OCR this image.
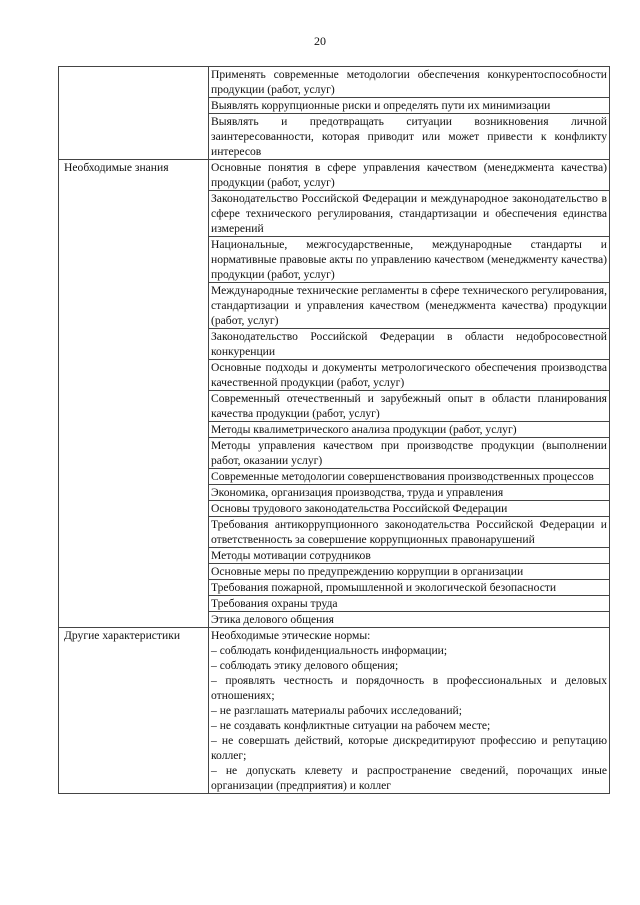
20
	Применять современные методологии обеспечения конкурентоспособности продукции (работ, услуг)
	Выявлять коррупционные риски и определять пути их минимизации
	Выявлять и предотвращать ситуации возникновения личной заинтересованности, которая приводит или может привести к конфликту интересов
Необходимые знания	Основные понятия в сфере управления качеством (менеджмента качества) продукции (работ, услуг)
	Законодательство Российской Федерации и международное законодательство в сфере технического регулирования, стандартизации и обеспечения единства измерений
	Национальные, межгосударственные, международные стандарты и нормативные правовые акты по управлению качеством (менеджменту качества) продукции (работ, услуг)
	Международные технические регламенты в сфере технического регулирования, стандартизации и управления качеством (менеджмента качества) продукции (работ, услуг)
	Законодательство Российской Федерации в области недобросовестной конкуренции
	Основные подходы и документы метрологического обеспечения производства качественной продукции (работ, услуг)
	Современный отечественный и зарубежный опыт в области планирования качества продукции (работ, услуг)
	Методы квалиметрического анализа продукции (работ, услуг)
	Методы управления качеством при производстве продукции (выполнении работ, оказании услуг)
	Современные методологии совершенствования производственных процессов
	Экономика, организация производства, труда и управления
	Основы трудового законодательства Российской Федерации
	Требования антикоррупционного законодательства Российской Федерации и ответственность за совершение коррупционных правонарушений
	Методы мотивации сотрудников
	Основные меры по предупреждению коррупции в организации
	Требования пожарной, промышленной и экологической безопасности
	Требования охраны труда
	Этика делового общения
Другие характеристики	Необходимые этические нормы:
	– соблюдать конфиденциальность информации;
	– соблюдать этику делового общения;
	– проявлять честность и порядочность в профессиональных и деловых отношениях;
	– не разглашать материалы рабочих исследований;
	– не создавать конфликтные ситуации на рабочем месте;
	– не совершать действий, которые дискредитируют профессию и репутацию коллег;
	– не допускать клевету и распространение сведений, порочащих иные организации (предприятия) и коллег
